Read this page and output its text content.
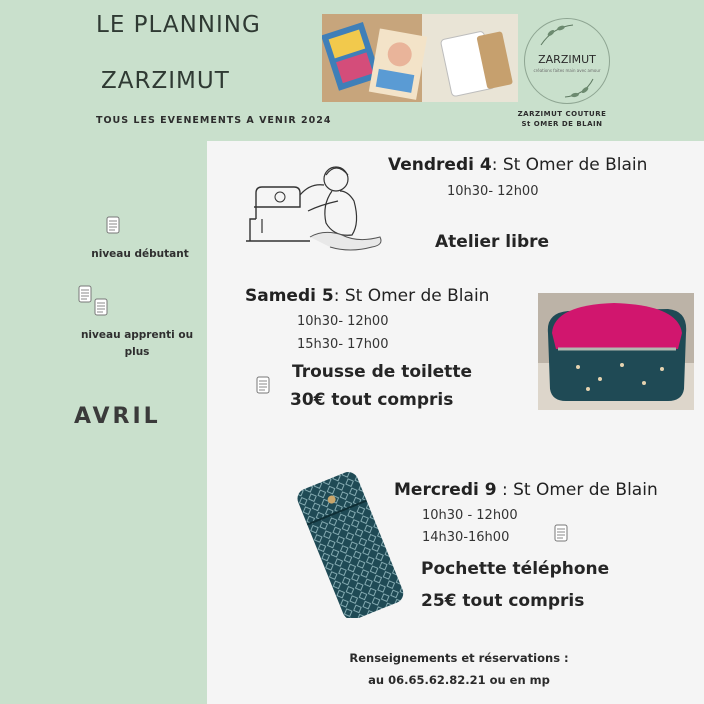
LE PLANNING
ZARZIMUT
TOUS LES EVENEMENTS A VENIR 2024
ZARZIMUT
créations faites main avec amour
ZARZIMUT COUTURE
St OMER DE BLAIN
niveau débutant
niveau apprenti ou plus
AVRIL
Vendredi 4: St Omer de Blain
10h30- 12h00
Atelier libre
Samedi 5: St Omer de Blain
10h30- 12h00
15h30- 17h00
Trousse de toilette
30€ tout compris
Mercredi 9 : St Omer de Blain
10h30 - 12h00
14h30-16h00
Pochette téléphone
25€ tout compris
Renseignements et réservations :
au 06.65.62.82.21 ou en mp
